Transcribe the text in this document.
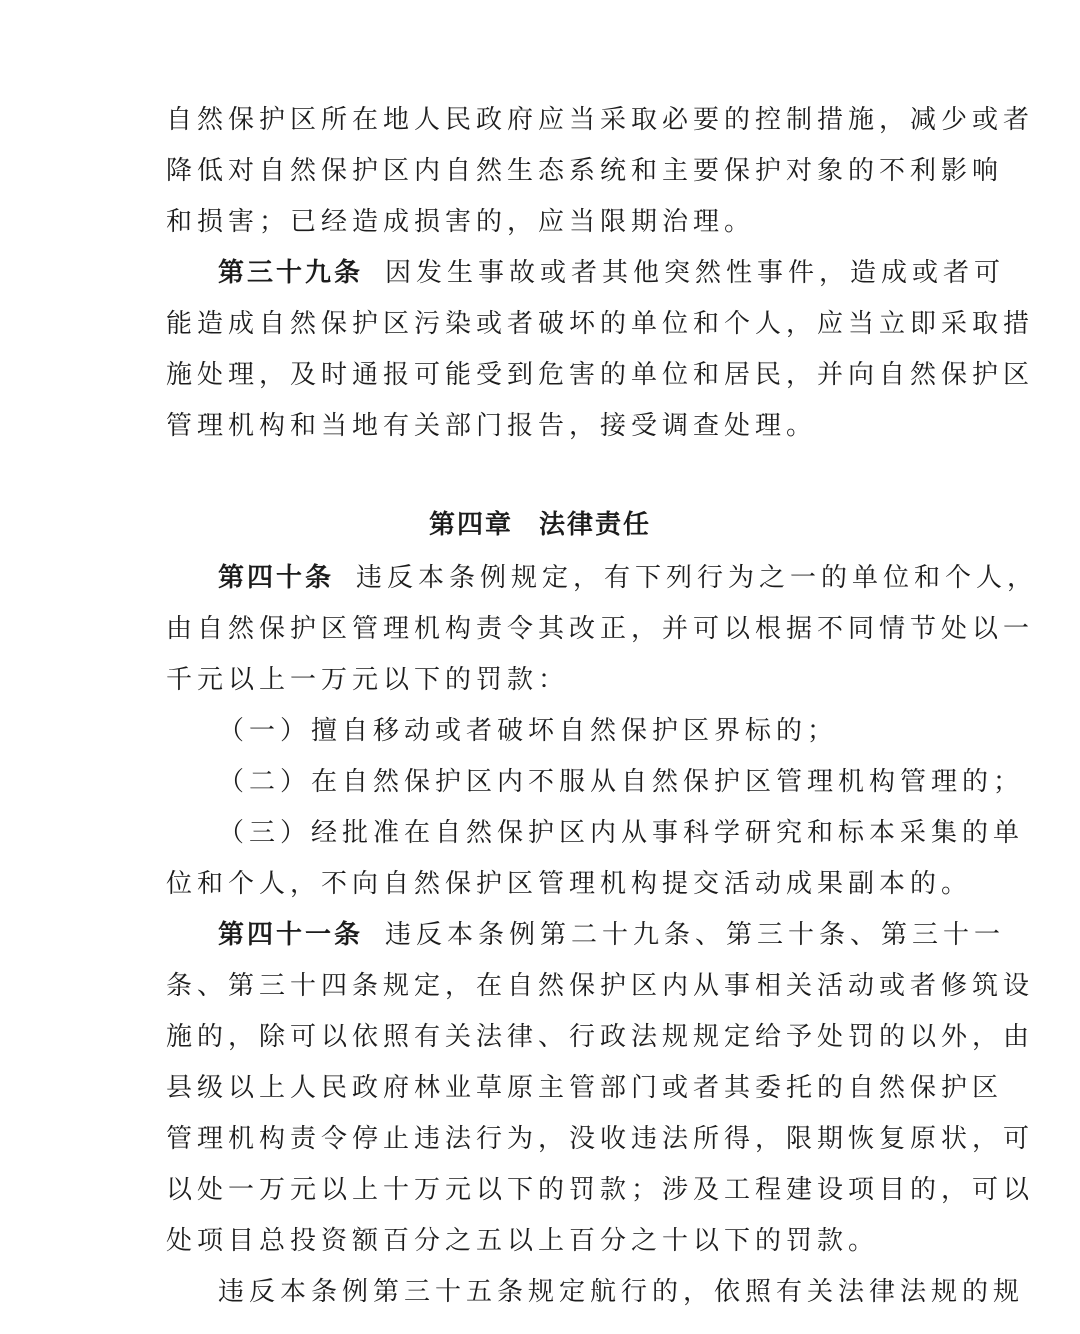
自然保护区所在地人民政府应当采取必要的控制措施，减少或者
降低对自然保护区内自然生态系统和主要保护对象的不利影响
和损害；已经造成损害的，应当限期治理。
第三十九条 因发生事故或者其他突然性事件，造成或者可
能造成自然保护区污染或者破坏的单位和个人，应当立即采取措
施处理，及时通报可能受到危害的单位和居民，并向自然保护区
管理机构和当地有关部门报告，接受调查处理。
第四章 法律责任
第四十条 违反本条例规定，有下列行为之一的单位和个人，
由自然保护区管理机构责令其改正，并可以根据不同情节处以一
千元以上一万元以下的罚款：
（一）擅自移动或者破坏自然保护区界标的；
（二）在自然保护区内不服从自然保护区管理机构管理的；
（三）经批准在自然保护区内从事科学研究和标本采集的单
位和个人，不向自然保护区管理机构提交活动成果副本的。
第四十一条 违反本条例第二十九条、第三十条、第三十一
条、第三十四条规定，在自然保护区内从事相关活动或者修筑设
施的，除可以依照有关法律、行政法规规定给予处罚的以外，由
县级以上人民政府林业草原主管部门或者其委托的自然保护区
管理机构责令停止违法行为，没收违法所得，限期恢复原状，可
以处一万元以上十万元以下的罚款；涉及工程建设项目的，可以
处项目总投资额百分之五以上百分之十以下的罚款。
违反本条例第三十五条规定航行的，依照有关法律法规的规
